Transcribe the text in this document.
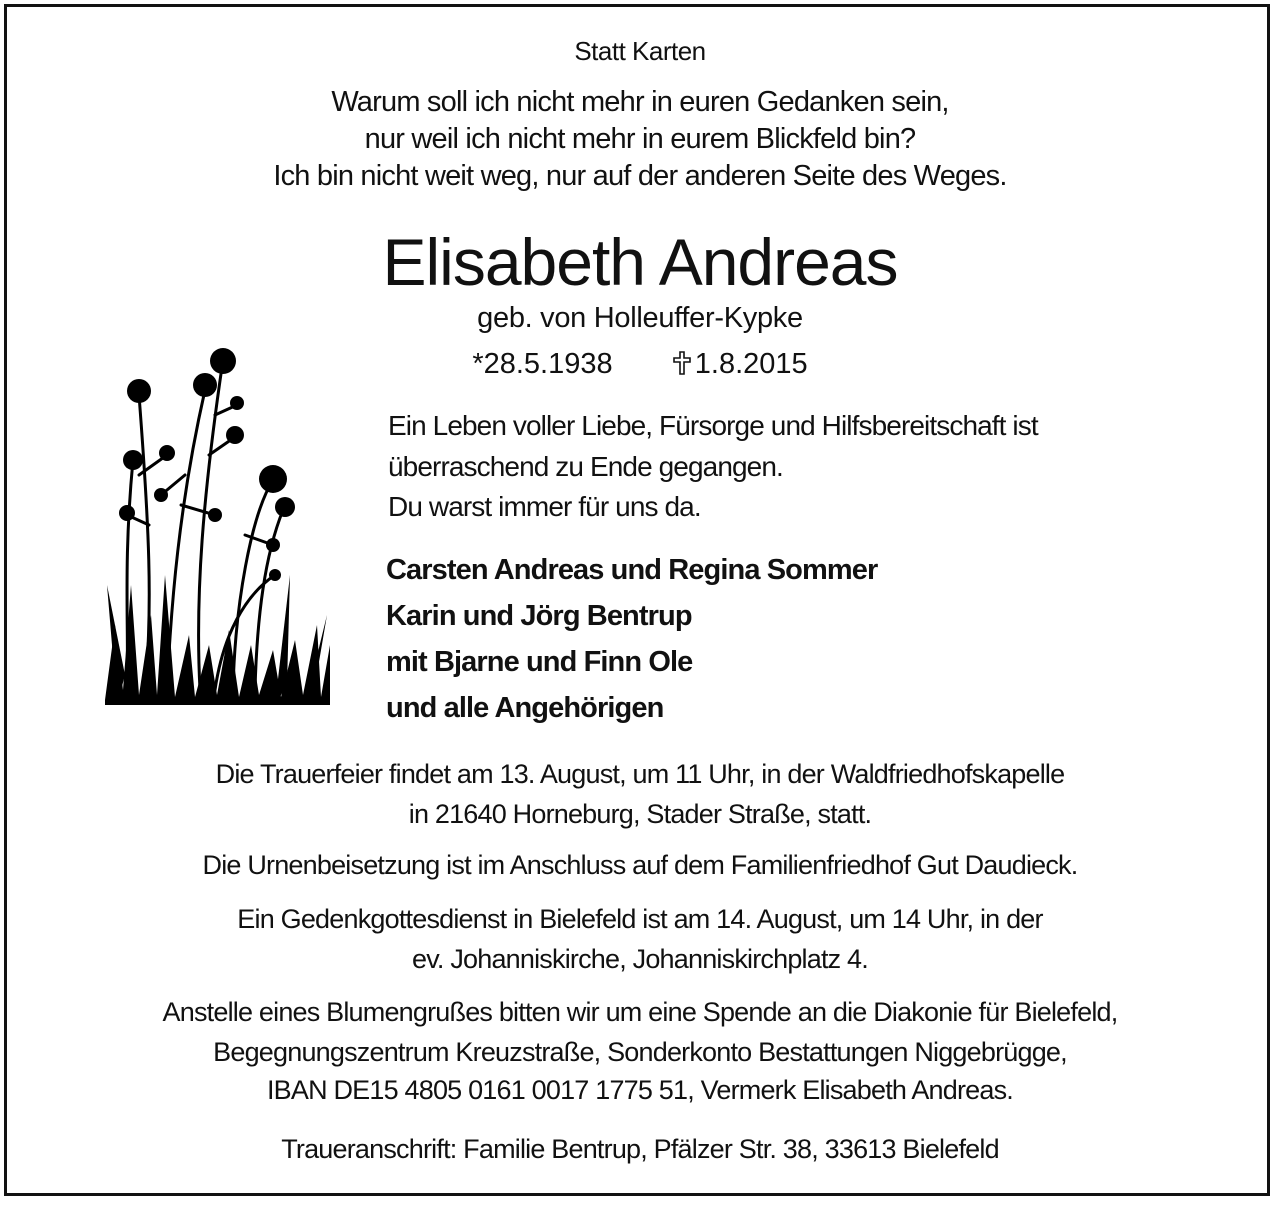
Statt Karten
Warum soll ich nicht mehr in euren Gedanken sein,
nur weil ich nicht mehr in eurem Blickfeld bin?
Ich bin nicht weit weg, nur auf der anderen Seite des Weges.
Elisabeth Andreas
geb. von Holleuffer-Kypke
*28.5.1938	1.8.2015
Ein Leben voller Liebe, Fürsorge und Hilfsbereitschaft ist
überraschend zu Ende gegangen.
Du warst immer für uns da.
Carsten Andreas und Regina Sommer
Karin und Jörg Bentrup
mit Bjarne und Finn Ole
und alle Angehörigen
Die Trauerfeier findet am 13. August, um 11 Uhr, in der Waldfriedhofskapelle
in 21640 Horneburg, Stader Straße, statt.
Die Urnenbeisetzung ist im Anschluss auf dem Familienfriedhof Gut Daudieck.
Ein Gedenkgottesdienst in Bielefeld ist am 14. August, um 14 Uhr, in der
ev. Johanniskirche, Johanniskirchplatz 4.
Anstelle eines Blumengrußes bitten wir um eine Spende an die Diakonie für Bielefeld,
Begegnungszentrum Kreuzstraße, Sonderkonto Bestattungen Niggebrügge,
IBAN DE15 4805 0161 0017 1775 51, Vermerk Elisabeth Andreas.
Traueranschrift: Familie Bentrup, Pfälzer Str. 38, 33613 Bielefeld
